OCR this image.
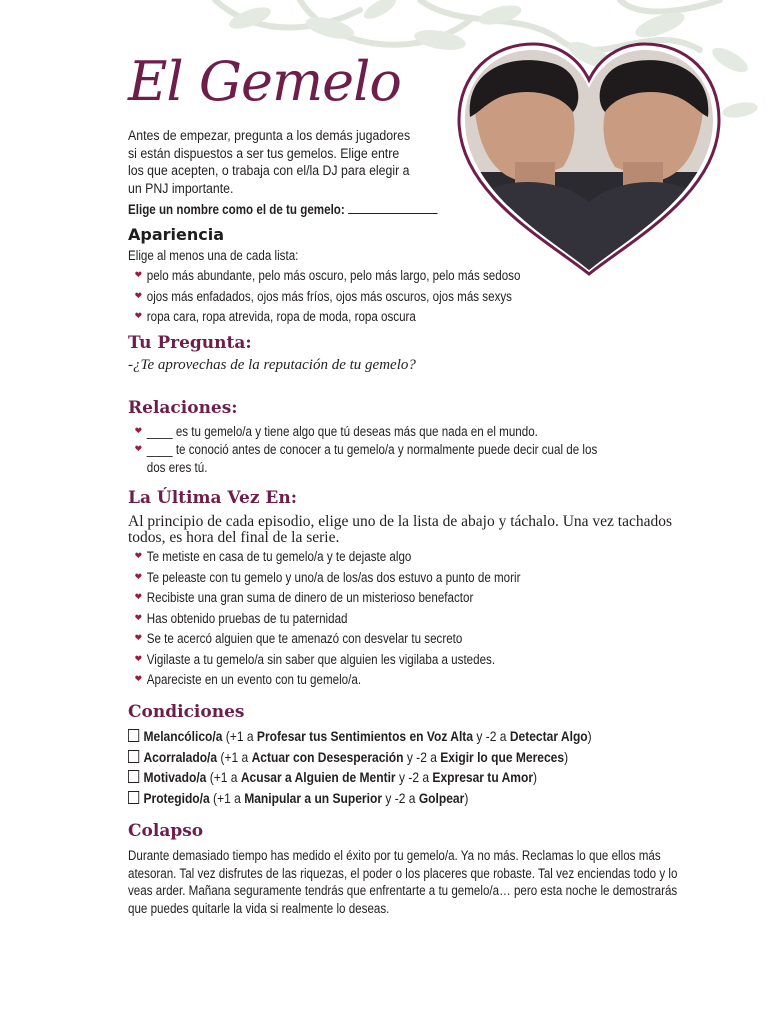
El Gemelo

Antes de empezar, pregunta a los demás jugadores si están dispuestos a ser tus gemelos. Elige entre los que acepten, o trabaja con el/la DJ para elegir a un PNJ importante.

Elige un nombre como el de tu gemelo:

Apariencia

Elige al menos una de cada lista:

❤ pelo más abundante, pelo más oscuro, pelo más largo, pelo más sedoso
❤ ojos más enfadados, ojos más fríos, ojos más oscuros, ojos más sexys
❤ ropa cara, ropa atrevida, ropa de moda, ropa oscura
Tu Pregunta:

-¿Te aprovechas de la reputación de tu gemelo?

Relaciones:
❤ ____ es tu gemelo/a y tiene algo que tú deseas más que nada en el mundo.
❤ ____ te conoció antes de conocer a tu gemelo/a y normalmente puede decir cual de los dos eres tú.
La Última Vez En:

Al principio de cada episodio, elige uno de la lista de abajo y táchalo. Una vez tachados todos, es hora del final de la serie.

❤ Te metiste en casa de tu gemelo/a y te dejaste algo
❤ Te peleaste con tu gemelo y uno/a de los/as dos estuvo a punto de morir
❤ Recibiste una gran suma de dinero de un misterioso benefactor
❤ Has obtenido pruebas de tu paternidad
❤ Se te acercó alguien que te amenazó con desvelar tu secreto
❤ Vigilaste a tu gemelo/a sin saber que alguien les vigilaba a ustedes.
❤ Apareciste en un evento con tu gemelo/a.
Condiciones
Melancólico/a (+1 a Profesar tus Sentimientos en Voz Alta y -2 a Detectar Algo)
Acorralado/a (+1 a Actuar con Desesperación y -2 a Exigir lo que Mereces)
Motivado/a (+1 a Acusar a Alguien de Mentir y -2 a Expresar tu Amor)
Protegido/a (+1 a Manipular a un Superior y -2 a Golpear)
Colapso

Durante demasiado tiempo has medido el éxito por tu gemelo/a. Ya no más. Reclamas lo que ellos más atesoran. Tal vez disfrutes de las riquezas, el poder o los placeres que robaste. Tal vez enciendas todo y lo veas arder. Mañana seguramente tendrás que enfrentarte a tu gemelo/a… pero esta noche le demostrarás que puedes quitarle la vida si realmente lo deseas.
